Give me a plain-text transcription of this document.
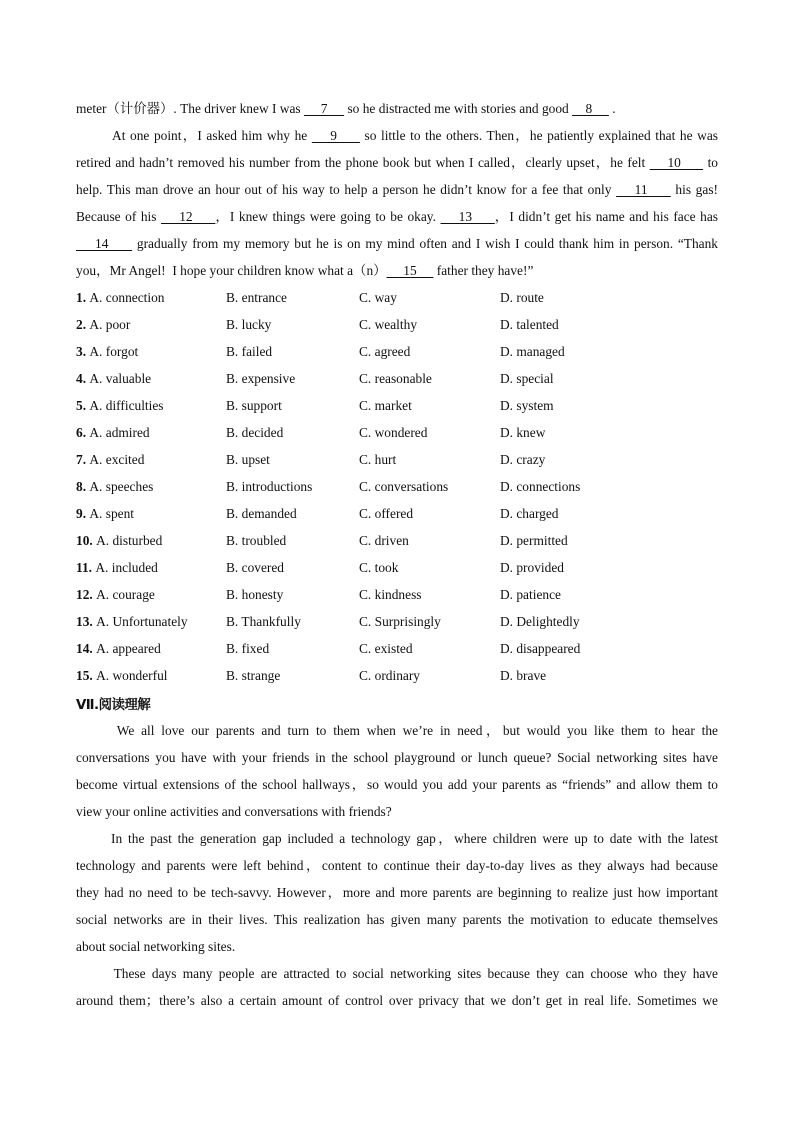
meter（计价器）. The driver knew I was      7      so he distracted me with stories and good     8      .
At one point，I asked him why he     9      so little to the others. Then，he patiently explained that he was
retired and hadn’t removed his number from the phone book but when I called，clearly upset，he felt     10      to
help. This man drove an hour out of his way to help a person he didn’t know for a fee that only     11      his gas!
Because of his     12     ，I knew things were going to be okay.     13     ，I didn’t get his name and his face has
14      gradually from my memory but he is on my mind often and I wish I could thank him in person. “Thank
you，Mr Angel!  I hope your children know what a（n）     15      father they have!”
1. A. connection	B. entrance	C. way	D. route
2. A. poor	B. lucky	C. wealthy	D. talented
3. A. forgot	B. failed	C. agreed	D. managed
4. A. valuable	B. expensive	C. reasonable	D. special
5. A. difficulties	B. support	C. market	D. system
6. A. admired	B. decided	C. wondered	D. knew
7. A. excited	B. upset	C. hurt	D. crazy
8. A. speeches	B. introductions	C. conversations	D. connections
9. A. spent	B. demanded	C. offered	D. charged
10. A. disturbed	B. troubled	C. driven	D. permitted
11. A. included	B. covered	C. took	D. provided
12. A. courage	B. honesty	C. kindness	D. patience
13. A. Unfortunately	B. Thankfully	C. Surprisingly	D. Delightedly
14. A. appeared	B. fixed	C. existed	D. disappeared
15. A. wonderful	B. strange	C. ordinary	D. brave
Ⅶ.阅读理解
We all love our parents and turn to them when we’re in need，but would you like them to hear the
conversations you have with your friends in the school playground or lunch queue? Social networking sites have
become virtual extensions of the school hallways，so would you add your parents as “friends” and allow them to
view your online activities and conversations with friends?
In the past the generation gap included a technology gap，where children were up to date with the latest
technology and parents were left behind，content to continue their day-to-day lives as they always had because
they had no need to be tech-savvy. However，more and more parents are beginning to realize just how important
social networks are in their lives. This realization has given many parents the motivation to educate themselves
about social networking sites.
These days many people are attracted to social networking sites because they can choose who they have
around them；there’s also a certain amount of control over privacy that we don’t get in real life. Sometimes we
